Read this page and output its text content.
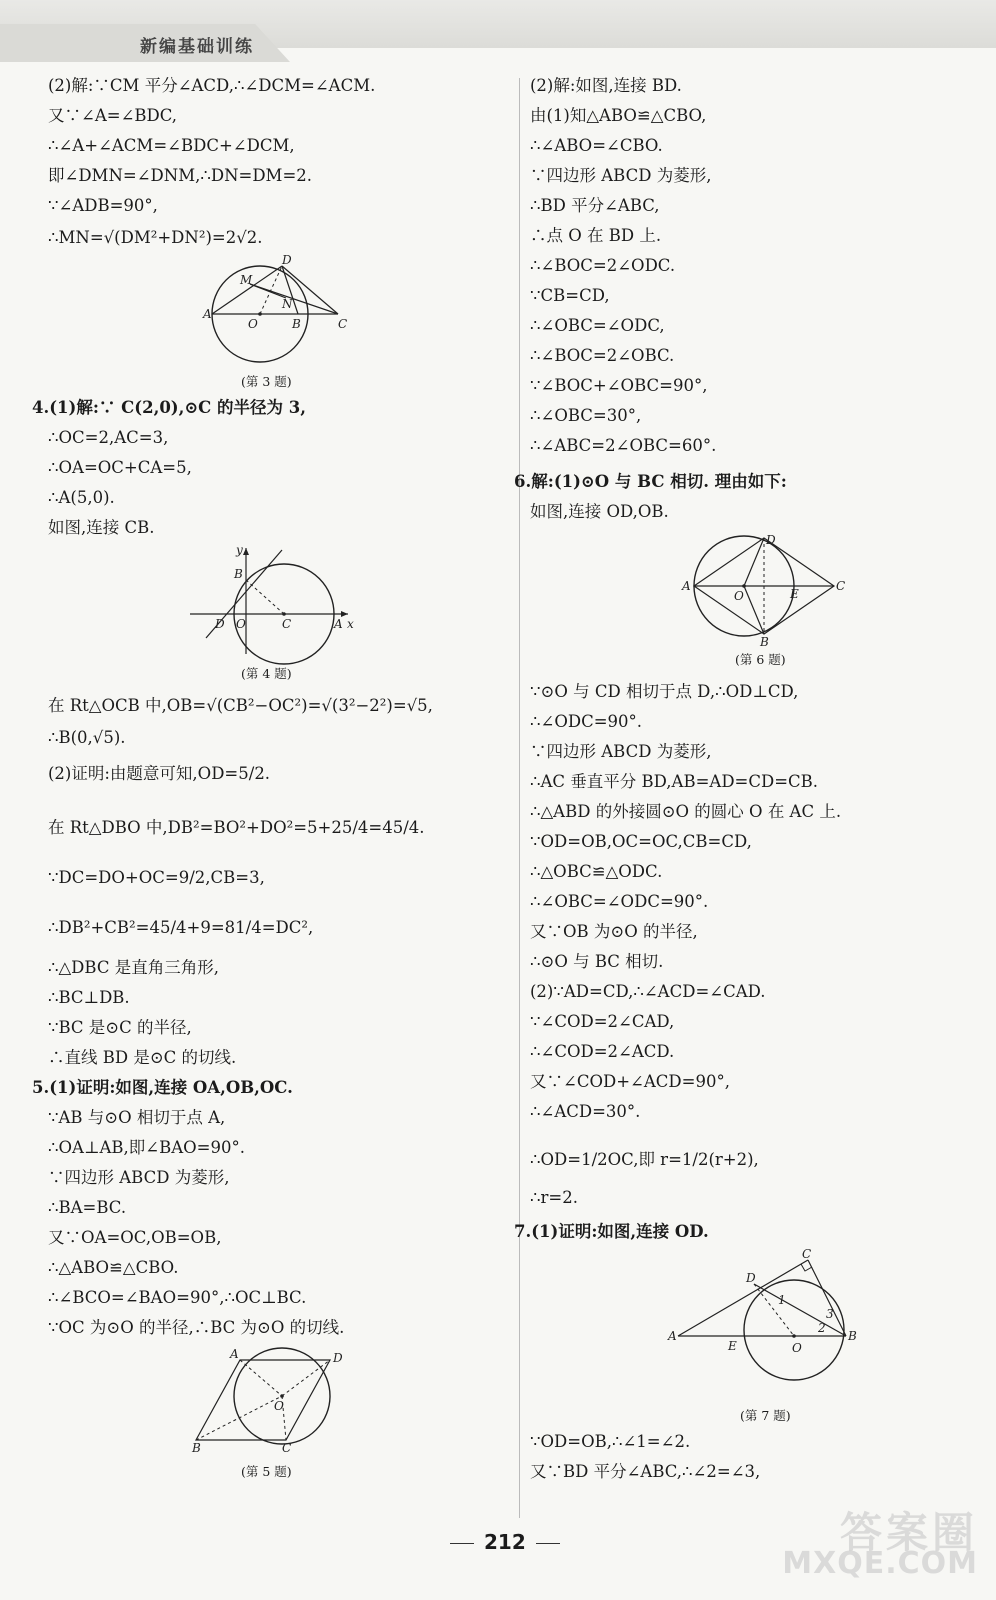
新编基础训练
(2)解:∵CM 平分∠ACD,∴∠DCM=∠ACM.
又∵∠A=∠BDC,
∴∠A+∠ACM=∠BDC+∠DCM,
即∠DMN=∠DNM,∴DN=DM=2.
∵∠ADB=90°,
∴MN=√(DM²+DN²)=2√2.
A
B	C
D
M
N
O
(第 3 题)
4.(1)解:∵ C(2,0),⊙C 的半径为 3,
∴OC=2,AC=3,
∴OA=OC+CA=5,
∴A(5,0).
如图,连接 CB.
y
x
B
D O	C	A
(第 4 题)
在 Rt△OCB 中,OB=√(CB²−OC²)=√(3²−2²)=√5,
∴B(0,√5).
(2)证明:由题意可知,OD=5/2.
在 Rt△DBO 中,DB²=BO²+DO²=5+25/4=45/4.
∵DC=DO+OC=9/2,CB=3,
∴DB²+CB²=45/4+9=81/4=DC²,
∴△DBC 是直角三角形,
∴BC⊥DB.
∵BC 是⊙C 的半径,
∴直线 BD 是⊙C 的切线.
5.(1)证明:如图,连接 OA,OB,OC.
∵AB 与⊙O 相切于点 A,
∴OA⊥AB,即∠BAO=90°.
∵四边形 ABCD 为菱形,
∴BA=BC.
又∵OA=OC,OB=OB,
∴△ABO≌△CBO.
∴∠BCO=∠BAO=90°,∴OC⊥BC.
∵OC 为⊙O 的半径,∴BC 为⊙O 的切线.
A	D
B	C
O
(第 5 题)
(2)解:如图,连接 BD.
由(1)知△ABO≌△CBO,
∴∠ABO=∠CBO.
∵四边形 ABCD 为菱形,
∴BD 平分∠ABC,
∴点 O 在 BD 上.
∴∠BOC=2∠ODC.
∵CB=CD,
∴∠OBC=∠ODC,
∴∠BOC=2∠OBC.
∵∠BOC+∠OBC=90°,
∴∠OBC=30°,
∴∠ABC=2∠OBC=60°.
6.解:(1)⊙O 与 BC 相切. 理由如下:
如图,连接 OD,OB.
A
D
C
B
O	E
(第 6 题)
∵⊙O 与 CD 相切于点 D,∴OD⊥CD,
∴∠ODC=90°.
∵四边形 ABCD 为菱形,
∴AC 垂直平分 BD,AB=AD=CD=CB.
∴△ABD 的外接圆⊙O 的圆心 O 在 AC 上.
∵OD=OB,OC=OC,CB=CD,
∴△OBC≌△ODC.
∴∠OBC=∠ODC=90°.
又∵OB 为⊙O 的半径,
∴⊙O 与 BC 相切.
(2)∵AD=CD,∴∠ACD=∠CAD.
∵∠COD=2∠CAD,
∴∠COD=2∠ACD.
又∵∠COD+∠ACD=90°,
∴∠ACD=30°.
∴OD=1/2OC,即 r=1/2(r+2),
∴r=2.
7.(1)证明:如图,连接 OD.
A
D
C
B
E	O
1
2
3
(第 7 题)
∵OD=OB,∴∠1=∠2.
又∵BD 平分∠ABC,∴∠2=∠3,
212	答案圈
MXQE.COM
